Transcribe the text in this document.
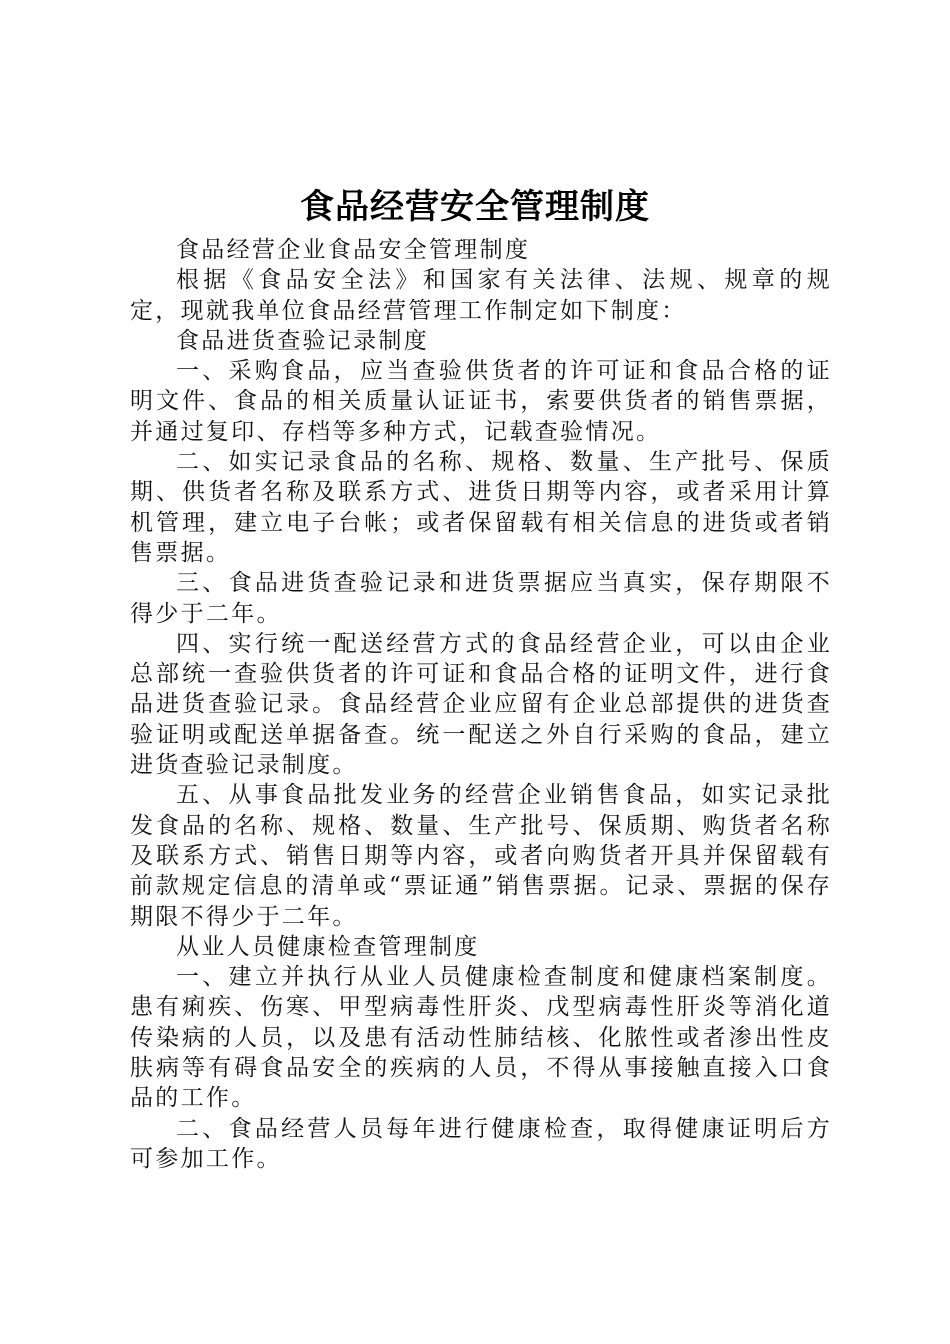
食品经营安全管理制度

食品经营企业食品安全管理制度

根据《食品安全法》和国家有关法律、法规、规章的规定，现就我单位食品经营管理工作制定如下制度：

食品进货查验记录制度

一、采购食品，应当查验供货者的许可证和食品合格的证明文件、食品的相关质量认证证书，索要供货者的销售票据，并通过复印、存档等多种方式，记载查验情况。

二、如实记录食品的名称、规格、数量、生产批号、保质期、供货者名称及联系方式、进货日期等内容，或者采用计算机管理，建立电子台帐；或者保留载有相关信息的进货或者销售票据。

三、食品进货查验记录和进货票据应当真实，保存期限不得少于二年。

四、实行统一配送经营方式的食品经营企业，可以由企业总部统一查验供货者的许可证和食品合格的证明文件，进行食品进货查验记录。食品经营企业应留有企业总部提供的进货查验证明或配送单据备查。统一配送之外自行采购的食品，建立进货查验记录制度。

五、从事食品批发业务的经营企业销售食品，如实记录批发食品的名称、规格、数量、生产批号、保质期、购货者名称及联系方式、销售日期等内容，或者向购货者开具并保留载有前款规定信息的清单或“票证通”销售票据。记录、票据的保存期限不得少于二年。

从业人员健康检查管理制度

一、建立并执行从业人员健康检查制度和健康档案制度。患有痢疾、伤寒、甲型病毒性肝炎、戊型病毒性肝炎等消化道传染病的人员，以及患有活动性肺结核、化脓性或者渗出性皮肤病等有碍食品安全的疾病的人员，不得从事接触直接入口食品的工作。

二、食品经营人员每年进行健康检查，取得健康证明后方可参加工作。
